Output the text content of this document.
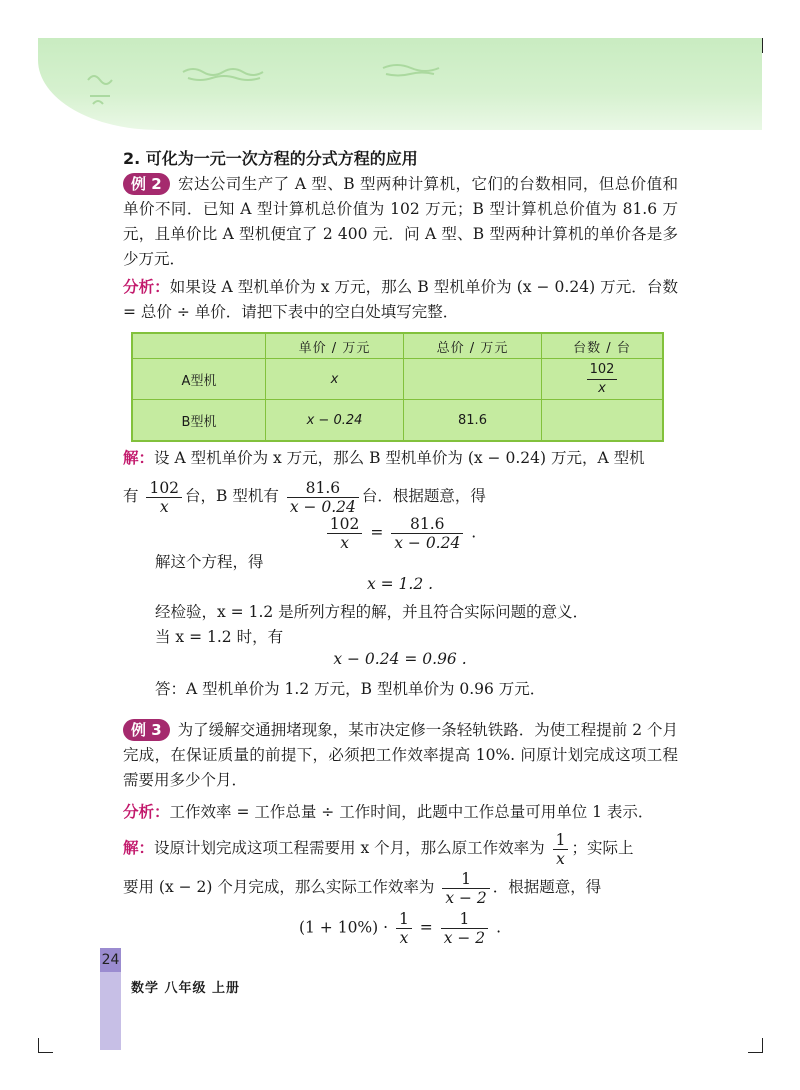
2. 可化为一元一次方程的分式方程的应用
例 2 宏达公司生产了 A 型、B 型两种计算机，它们的台数相同，但总价值和单价不同．已知 A 型计算机总价值为 102 万元；B 型计算机总价值为 81.6 万元，且单价比 A 型机便宜了 2 400 元．问 A 型、B 型两种计算机的单价各是多少万元．
分析：如果设 A 型机单价为 x 万元，那么 B 型机单价为 (x − 0.24) 万元．台数 = 总价 ÷ 单价．请把下表中的空白处填写完整．
	单价 / 万元	总价 / 万元	台数 / 台
A型机	x		$\frac{102}{x}$

B型机	x − 0.24	81.6	
解：设 A 型机单价为 x 万元，那么 B 型机单价为 (x − 0.24) 万元，A 型机
有 $\frac{102}{x}$ 台，B 型机有 $\frac{81.6}{x - 0.24}$ 台．根据题意，得
$\frac{102}{x} = \frac{81.6}{x - 0.24}$ .
解这个方程，得
x = 1.2 .
经检验，x = 1.2 是所列方程的解，并且符合实际问题的意义．
当 x = 1.2 时，有
x − 0.24 = 0.96 .
答：A 型机单价为 1.2 万元，B 型机单价为 0.96 万元．
例 3 为了缓解交通拥堵现象，某市决定修一条轻轨铁路．为使工程提前 2 个月完成，在保证质量的前提下，必须把工作效率提高 10%. 问原计划完成这项工程需要用多少个月．
分析：工作效率 = 工作总量 ÷ 工作时间，此题中工作总量可用单位 1 表示．
解：设原计划完成这项工程需要用 x 个月，那么原工作效率为 $\frac{1}{x}$ ；实际上
要用 (x − 2) 个月完成，那么实际工作效率为 $\frac{1}{x - 2}$ ．根据题意，得
$(1 + 10\%) \cdot \frac{1}{x} = \frac{1}{x - 2}$ .
24
数学 八年级 上册
